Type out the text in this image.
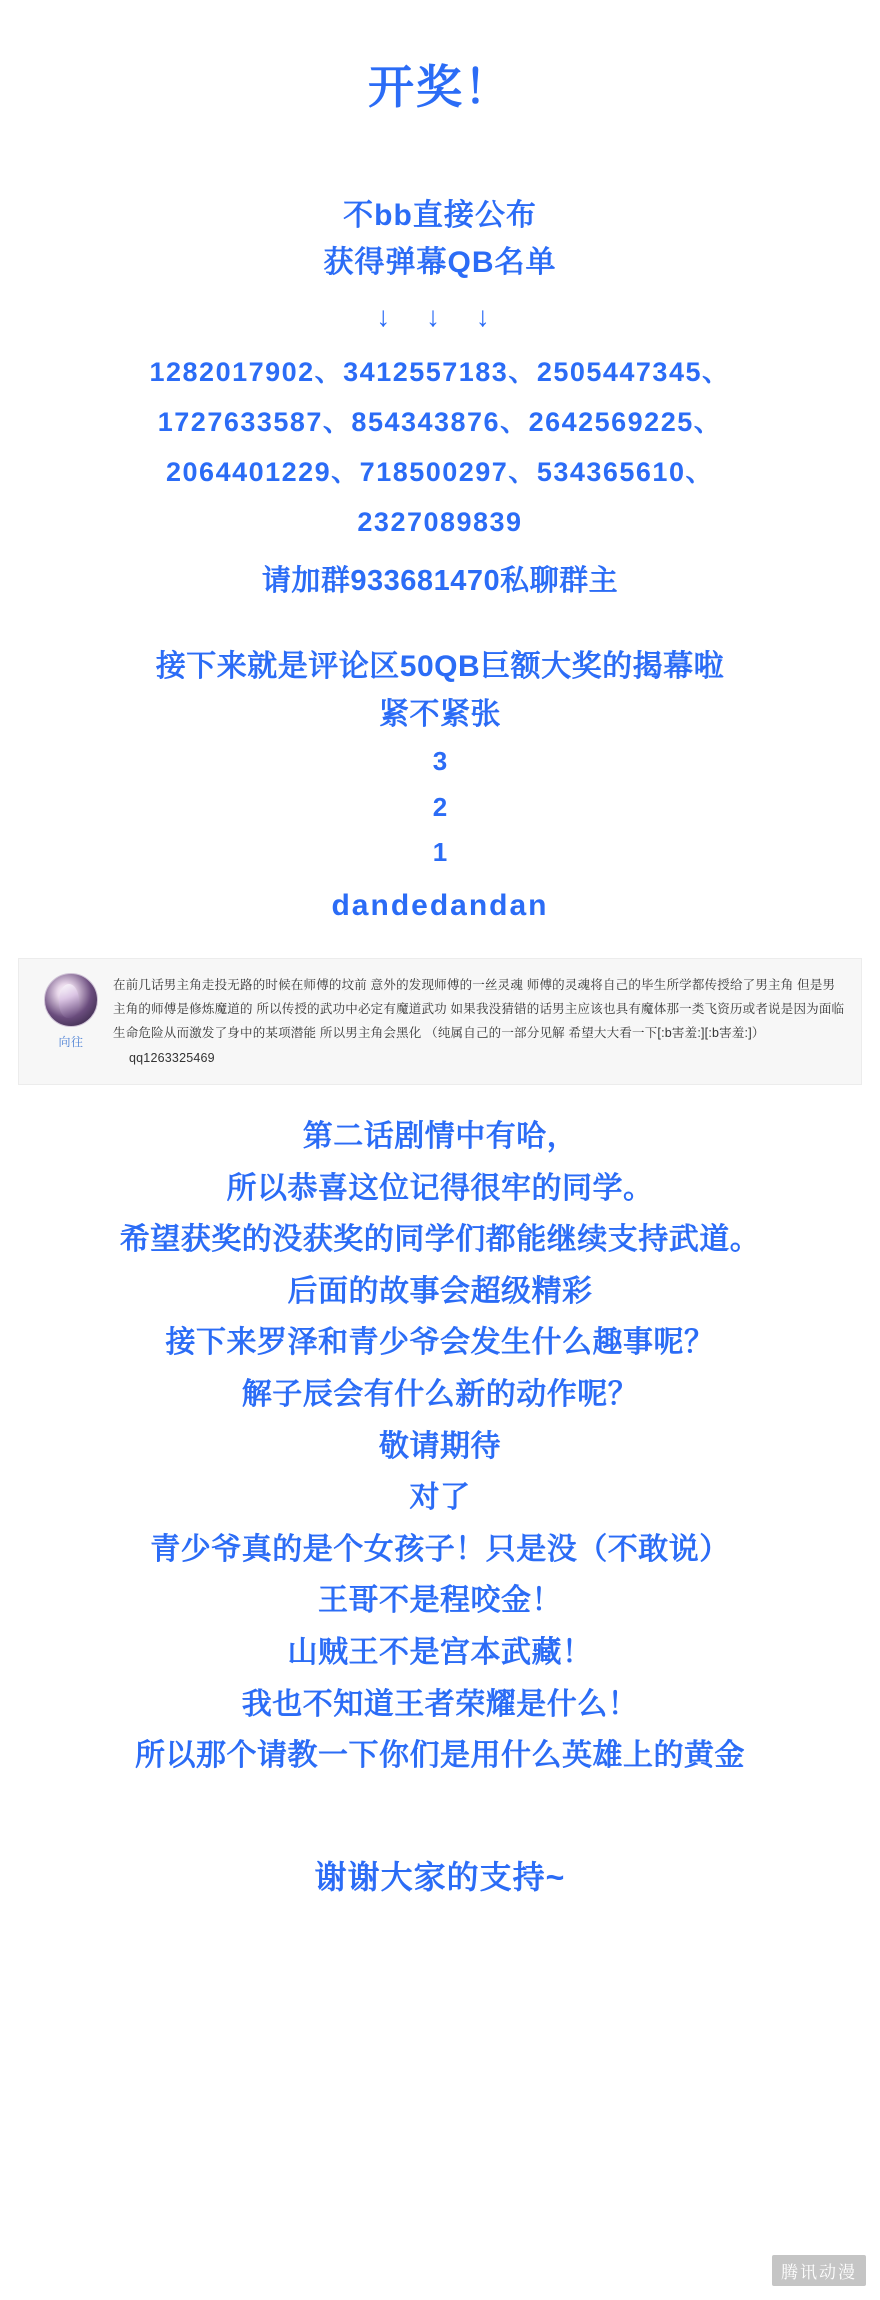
开奖！
不bb直接公布
获得弹幕QB名单
↓ ↓ ↓
1282017902、3412557183、2505447345、
1727633587、854343876、2642569225、
2064401229、718500297、534365610、
2327089839
请加群933681470私聊群主
接下来就是评论区50QB巨额大奖的揭幕啦
紧不紧张
3
2
1
dandedandan
向往
在前几话男主角走投无路的时候在师傅的坟前 意外的发现师傅的一丝灵魂 师傅的灵魂将自己的毕生所学都传授给了男主角 但是男主角的师傅是修炼魔道的 所以传授的武功中必定有魔道武功 如果我没猜错的话男主应该也具有魔体那一类飞资历或者说是因为面临生命危险从而激发了身中的某项潜能 所以男主角会黑化 （纯属自己的一部分见解 希望大大看一下[:b害羞:][:b害羞:]） qq1263325469
第二话剧情中有哈，
所以恭喜这位记得很牢的同学。
希望获奖的没获奖的同学们都能继续支持武道。
后面的故事会超级精彩
接下来罗泽和青少爷会发生什么趣事呢？
解子辰会有什么新的动作呢？
敬请期待
对了
青少爷真的是个女孩子！只是没（不敢说）
王哥不是程咬金！
山贼王不是宫本武藏！
我也不知道王者荣耀是什么！
所以那个请教一下你们是用什么英雄上的黄金
谢谢大家的支持~
腾讯动漫
